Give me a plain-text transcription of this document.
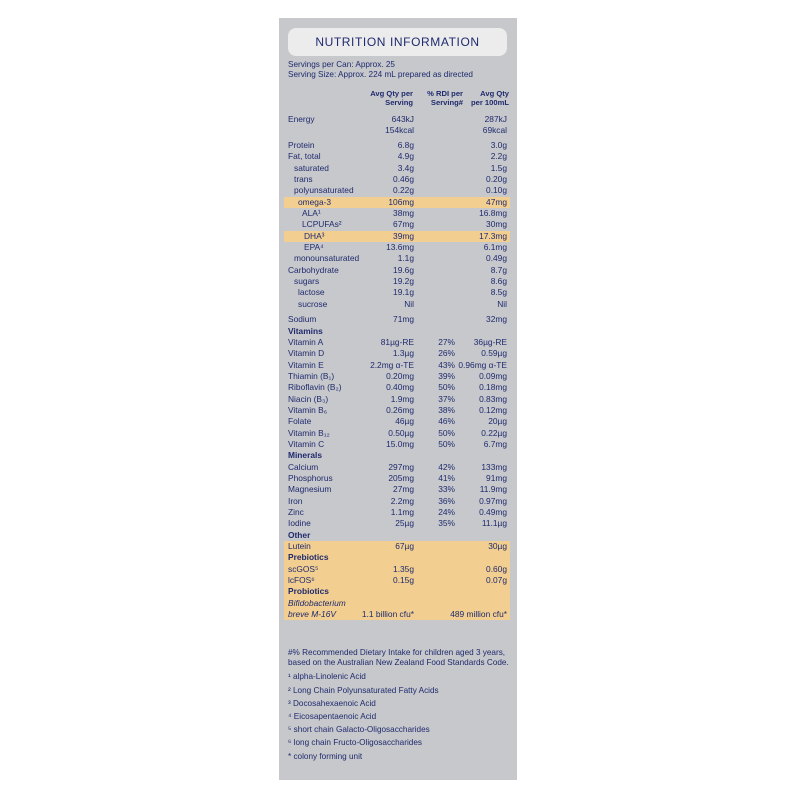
NUTRITION INFORMATION
Servings per Can: Approx. 25
Serving Size: Approx. 224 mL prepared as directed
Avg Qty per Serving
% RDI per Serving#
Avg Qty per 100mL
Energy	643kJ	287kJ
154kcal	69kcal
Protein	6.8g	3.0g
Fat, total	4.9g	2.2g
saturated	3.4g	1.5g
trans	0.46g	0.20g
polyunsaturated	0.22g	0.10g
omega-3	106mg	47mg
ALA¹	38mg	16.8mg
LCPUFAs²	67mg	30mg
DHA³	39mg	17.3mg
EPA⁴	13.6mg	6.1mg
monounsaturated	1.1g	0.49g
Carbohydrate	19.6g	8.7g
sugars	19.2g	8.6g
lactose	19.1g	8.5g
sucrose	Nil	Nil
Sodium	71mg	32mg
Vitamins
Vitamin A	81µg-RE	27% 36µg-RE
Vitamin D	1.3µg	26%	0.59µg
Vitamin E	2.2mg α-TE	43% 0.96mg α-TE
Thiamin (B₁)	0.20mg	39%	0.09mg
Riboflavin (B₂)	0.40mg	50%	0.18mg
Niacin (B₃)	1.9mg	37%	0.83mg
Vitamin B₆	0.26mg	38%	0.12mg
Folate	46µg	46%	20µg
Vitamin B₁₂	0.50µg	50%	0.22µg
Vitamin C	15.0mg	50%	6.7mg
Minerals
Calcium	297mg	42%	133mg
Phosphorus	205mg	41%	91mg
Magnesium	27mg	33%	11.9mg
Iron	2.2mg	36%	0.97mg
Zinc	1.1mg	24%	0.49mg
Iodine	25µg	35%	11.1µg
Other
Lutein	67µg	30µg
Prebiotics
scGOS⁵	1.35g	0.60g
lcFOS⁶	0.15g	0.07g
Probiotics
Bifidobacterium
breve M-16V	1.1 billion cfu*	489 million cfu*
#% Recommended Dietary Intake for children aged 3 years, based on the Australian New Zealand Food Standards Code.
¹ alpha-Linolenic Acid
² Long Chain Polyunsaturated Fatty Acids
³ Docosahexaenoic Acid
⁴ Eicosapentaenoic Acid
⁵ short chain Galacto-Oligosaccharides
⁶ long chain Fructo-Oligosaccharides
* colony forming unit
